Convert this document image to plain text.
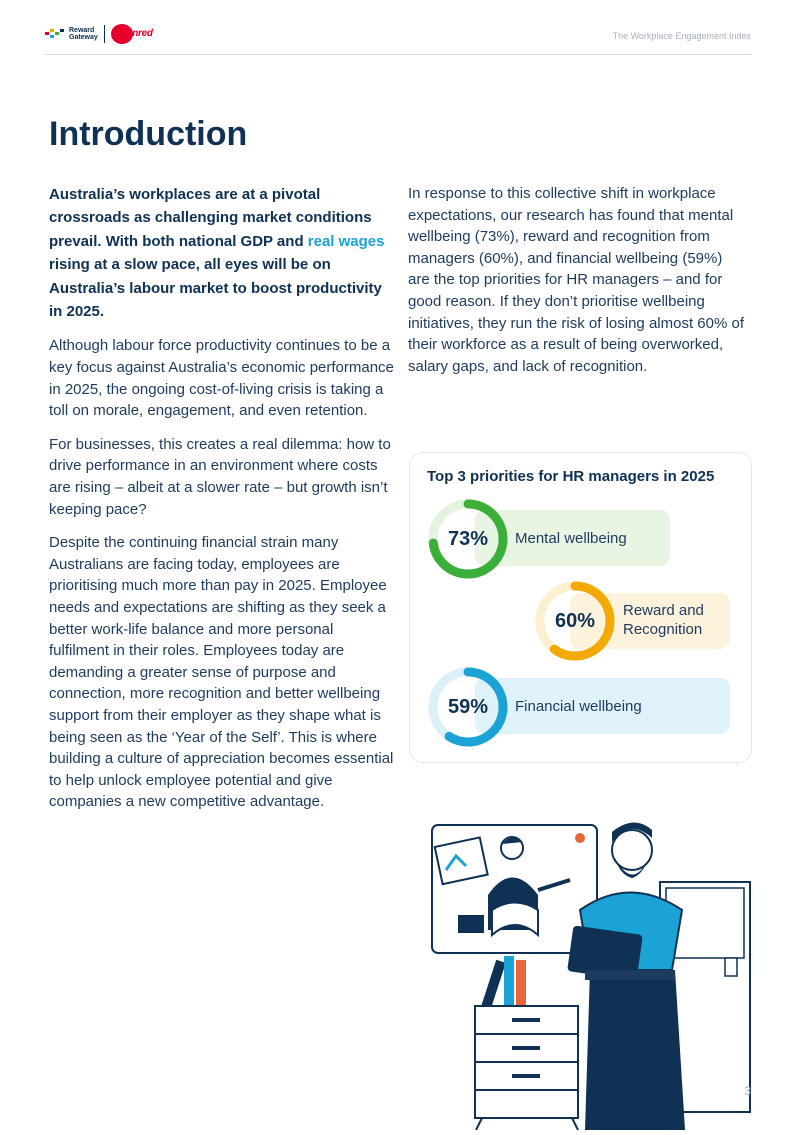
Reward
Gateway Edenred	The Workplace Engagement Index
Introduction

Australia’s workplaces are at a pivotal crossroads as challenging market conditions prevail. With both national GDP and real wages rising at a slow pace, all eyes will be on Australia’s labour market to boost productivity in 2025.

Although labour force productivity continues to be a key focus against Australia’s economic performance in 2025, the ongoing cost-of-living crisis is taking a toll on morale, engagement, and even retention.

For businesses, this creates a real dilemma: how to drive performance in an environment where costs are rising – albeit at a slower rate – but growth isn’t keeping pace?

Despite the continuing financial strain many Australians are facing today, employees are prioritising much more than pay in 2025. Employee needs and expectations are shifting as they seek a better work-life balance and more personal fulfilment in their roles. Employees today are demanding a greater sense of purpose and connection, more recognition and better wellbeing support from their employer as they shape what is being seen as the ‘Year of the Self’. This is where building a culture of appreciation becomes essential to help unlock employee potential and give companies a new competitive advantage.

In response to this collective shift in workplace expectations, our research has found that mental wellbeing (73%), reward and recognition from managers (60%), and financial wellbeing (59%) are the top priorities for HR managers – and for good reason. If they don’t prioritise wellbeing initiatives, they run the risk of losing almost 60% of their workforce as a result of being overworked, salary gaps, and lack of recognition.

Top 3 priorities for HR managers in 2025
Mental wellbeing
73%
Reward and
Recognition
60%
Financial wellbeing
59%
3
